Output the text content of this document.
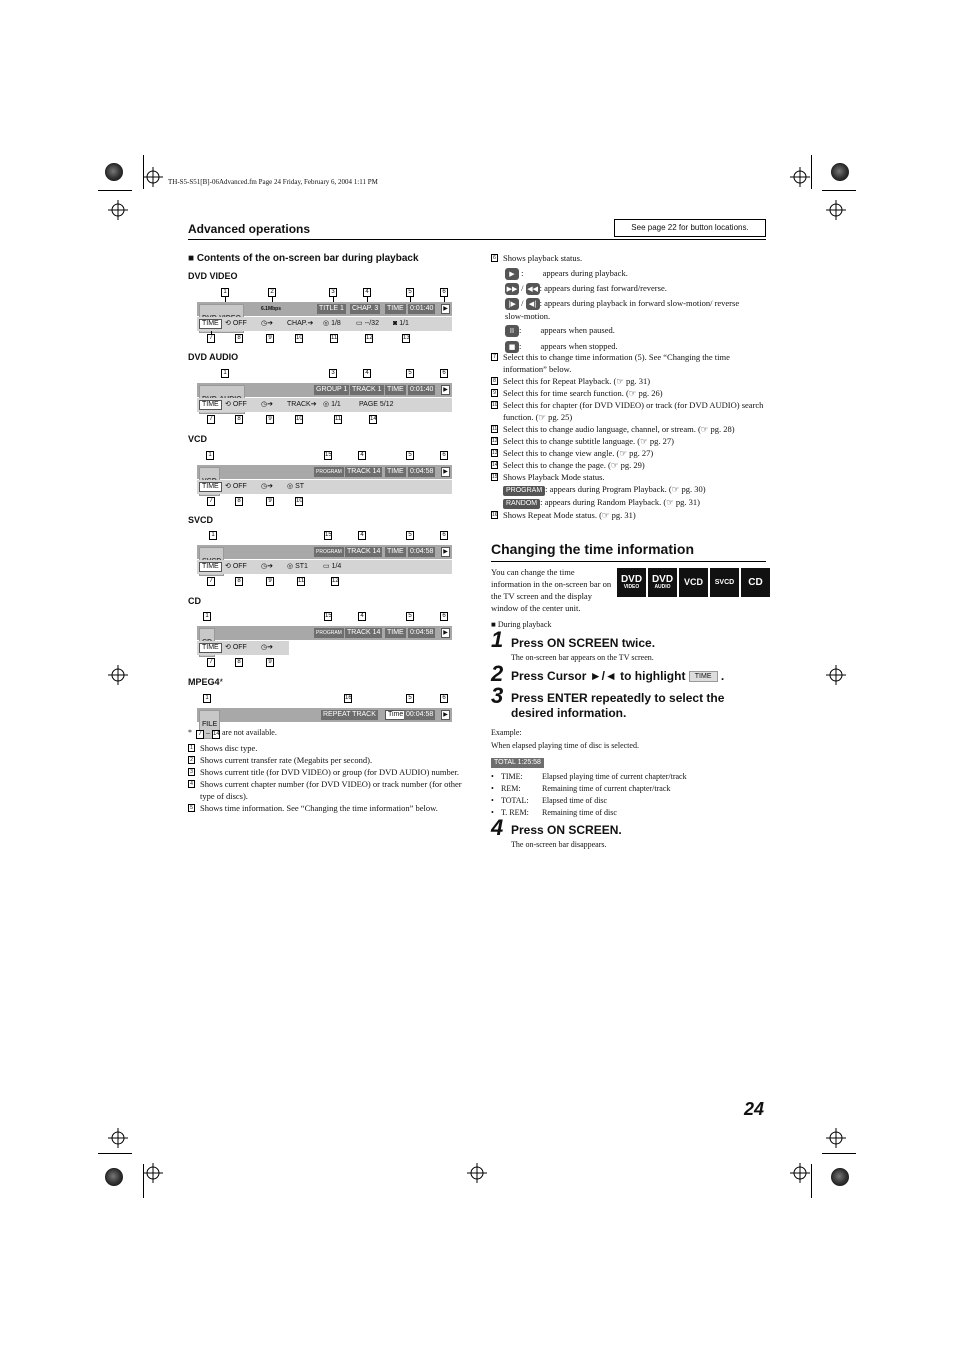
TH-S5-S51[B]-06Advanced.fm Page 24 Friday, February 6, 2004 1:11 PM
Advanced operations	See page 22 for button locations.
■ Contents of the on-screen bar during playback
DVD VIDEO
1	2	3	4	5	6
6.1Mbps	TITLE 1 CHAP. 3 TIME 0:01:40	▶
TIME ⟲ OFF ◷➔ CHAP.➔ ◎ 1/8 ▭ --/32 ◙ 1/1
7	8	9	10	11	12	13
DVD AUDIO
1	3	4	5	6
GROUP 1 TRACK 1 TIME 0:01:40	▶
TIME ⟲ OFF ◷➔ TRACK➔ ◎ 1/1	PAGE 5/12
7	8	9	10	11	14
VCD
1	15	4	5	6
PROGRAM TRACK 14 TIME 0:04:58	▶
TIME ⟲ OFF ◷➔ ◎ ST
7	8	9	10
SVCD
1	15	4	5	6
PROGRAM TRACK 14 TIME 0:04:58	▶
TIME ⟲ OFF ◷➔ ◎ ST1 ▭ 1/4
7	8	9	11	12
CD
1	15	4	5	6
PROGRAM TRACK 14 TIME 0:04:58	▶
TIME ⟲ OFF ◷➔
7	8	9
MPEG4*
1	16	5	6
FILE
REPEAT TRACK	Time 00:04:58	▶
* 7 – 14 are not available.
1 Shows disc type.
2 Shows current transfer rate (Megabits per second).
3 Shows current title (for DVD VIDEO) or group (for DVD AUDIO) number.
4 Shows current chapter number (for DVD VIDEO) or track number (for other type of discs).
5 Shows time information. See “Changing the time information” below.
6 Shows playback status.
▶ : appears during playback.
▶▶ / ◀◀ : appears during fast forward/reverse.
|▶ / ◀| : appears during playback in forward slow-motion/ reverse slow-motion.
II : appears when paused.
■ : appears when stopped.
7 Select this to change time information (5). See “Changing the time information” below.
8 Select this for Repeat Playback. (☞ pg. 31)
9 Select this for time search function. (☞ pg. 26)
10 Select this for chapter (for DVD VIDEO) or track (for DVD AUDIO) search function. (☞ pg. 25)
11 Select this to change audio language, channel, or stream. (☞ pg. 28)
12 Select this to change subtitle language. (☞ pg. 27)
13 Select this to change view angle. (☞ pg. 27)
14 Select this to change the page. (☞ pg. 29)
15 Shows Playback Mode status.
PROGRAM : appears during Program Playback. (☞ pg. 30)
RANDOM : appears during Random Playback. (☞ pg. 31)
16 Shows Repeat Mode status. (☞ pg. 31)
Changing the time information
You can change the time information in the on-screen bar on the TV screen and the display window of the center unit.
DVD
VIDEO
DVD
AUDIO	VCD	SVCD	CD
■ During playback
1 Press ON SCREEN twice.
The on-screen bar appears on the TV screen.
2 Press Cursor ►/◄ to highlight TIME .
3 Press ENTER repeatedly to select the desired information.
Example:
When elapsed playing time of disc is selected.
TOTAL 1:25:58
• TIME: Elapsed playing time of current chapter/track
• REM:	Remaining time of current chapter/track
• TOTAL: Elapsed time of disc
• T. REM: Remaining time of disc
4 Press ON SCREEN.
The on-screen bar disappears.
24
